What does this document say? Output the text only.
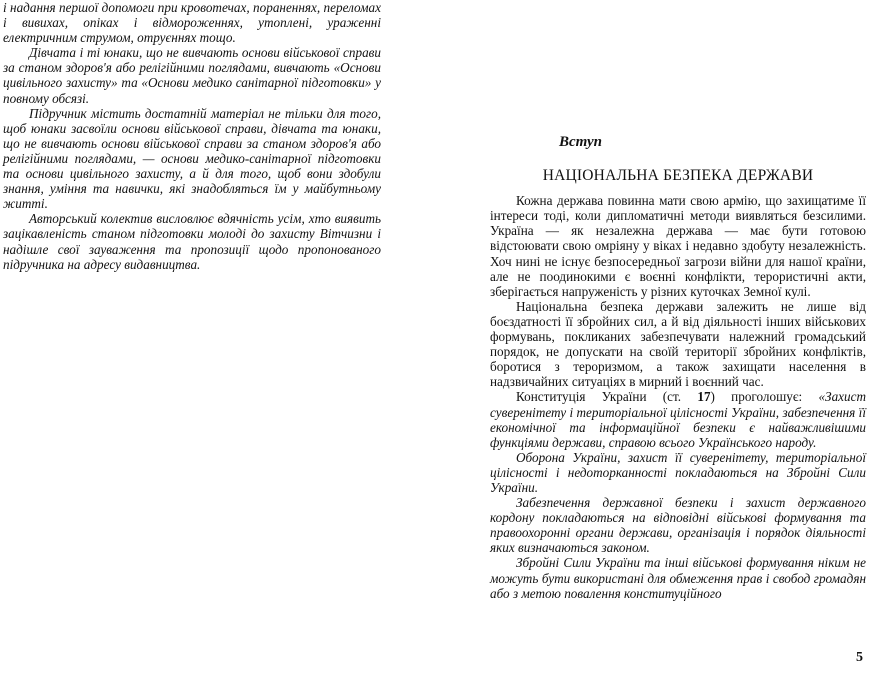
і надання першої допомоги при кровотечах, пораненнях, переломах і вивихах, опіках і відмороженнях, утоплені, ураженні електричним струмом, отруєннях тощо.

Дівчата і ті юнаки, що не вивчають основи військової справи за станом здоров'я або релігійними поглядами, вивчають «Основи цивільного захисту» та «Основи медико санітарної підготовки» у повному обсязі.

Підручник містить достатній матеріал не тільки для того, щоб юнаки засвоїли основи військової справи, дівчата та юнаки, що не вивчають основи військової справи за станом здоров'я або релігійними поглядами, — основи медико-санітарної підготовки та основи цивільного захисту, а й для того, щоб вони здобули знання, уміння та навички, які знадобляться їм у майбутньому житті.

Авторський колектив висловлює вдячність усім, хто виявить зацікавленість станом підготовки молоді до захисту Вітчизни і надішле свої зауваження та пропозиції щодо пропонованого підручника на адресу видавництва.

Вступ
НАЦІОНАЛЬНА БЕЗПЕКА ДЕРЖАВИ

Кожна держава повинна мати свою армію, що захищатиме її інтереси тоді, коли дипломатичні методи виявляться безсилими. Україна — як незалежна держава — має бути готовою відстоювати свою омріяну у віках і недавно здобуту незалежність. Хоч нині не існує безпосередньої загрози війни для нашої країни, але не поодинокими є воєнні конфлікти, терористичні акти, зберігається напруженість у різних куточках Земної кулі.

Національна безпека держави залежить не лише від боєздатності її збройних сил, а й від діяльності інших військових формувань, покликаних забезпечувати належний громадський порядок, не допускати на своїй території збройних конфліктів, боротися з тероризмом, а також захищати населення в надзвичайних ситуаціях в мирний і воєнний час.

Конституція України (ст. 17) проголошує: «Захист суверенітету і територіальної цілісності України, забезпечення її економічної та інформаційної безпеки є найважливішими функціями держави, справою всього Українського народу.

Оборона України, захист її суверенітету, територіальної цілісності і недоторканності покладаються на Збройні Сили України.

Забезпечення державної безпеки і захист державного кордону покладаються на відповідні військові формування та правоохоронні органи держави, організація і порядок діяльності яких визначаються законом.

Збройні Сили України та інші військові формування ніким не можуть бути використані для обмеження прав і свобод громадян або з метою повалення конституційного

5
